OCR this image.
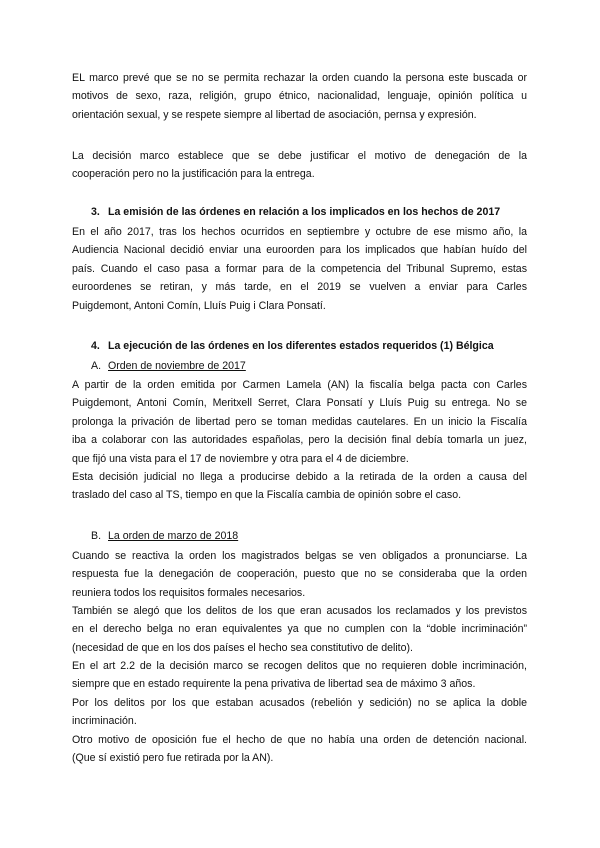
EL marco prevé que se no se permita rechazar la orden cuando la persona este buscada or
motivos de sexo, raza, religión, grupo étnico, nacionalidad, lenguaje, opinión política u
orientación sexual, y se respete siempre al libertad de asociación, pernsa y expresión.
La decisión marco establece que se debe justificar el motivo de denegación de la
cooperación pero no la justificación para la entrega.
3. La emisión de las órdenes en relación a los implicados en los hechos de 2017
En el año 2017, tras los hechos ocurridos en septiembre y octubre de ese mismo año, la
Audiencia Nacional decidió enviar una euroorden para los implicados que habían huído del
país. Cuando el caso pasa a formar para de la competencia del Tribunal Supremo, estas
euroordenes se retiran, y más tarde, en el 2019 se vuelven a enviar para Carles
Puigdemont, Antoni Comín, Lluís Puig i Clara Ponsatí.
4. La ejecución de las órdenes en los diferentes estados requeridos (1) Bélgica
A. Orden de noviembre de 2017
A partir de la orden emitida por Carmen Lamela (AN) la fiscalía belga pacta con Carles
Puigdemont, Antoni Comín, Meritxell Serret, Clara Ponsatí y Lluís Puig su entrega. No se
prolonga la privación de libertad pero se toman medidas cautelares. En un inicio la Fiscalía
iba a colaborar con las autoridades españolas, pero la decisión final debía tomarla un juez,
que fijó una vista para el 17 de noviembre y otra para el 4 de diciembre.
Esta decisión judicial no llega a producirse debido a la retirada de la orden a causa del
traslado del caso al TS, tiempo en que la Fiscalía cambia de opinión sobre el caso.
B. La orden de marzo de 2018
Cuando se reactiva la orden los magistrados belgas se ven obligados a pronunciarse. La
respuesta fue la denegación de cooperación, puesto que no se consideraba que la orden
reuniera todos los requisitos formales necesarios.
También se alegó que los delitos de los que eran acusados los reclamados y los previstos
en el derecho belga no eran equivalentes ya que no cumplen con la “doble incriminación”
(necesidad de que en los dos países el hecho sea constitutivo de delito).
En el art 2.2 de la decisión marco se recogen delitos que no requieren doble incriminación,
siempre que en estado requirente la pena privativa de libertad sea de máximo 3 años.
Por los delitos por los que estaban acusados (rebelión y sedición) no se aplica la doble
incriminación.
Otro motivo de oposición fue el hecho de que no había una orden de detención nacional.
(Que sí existió pero fue retirada por la AN).
